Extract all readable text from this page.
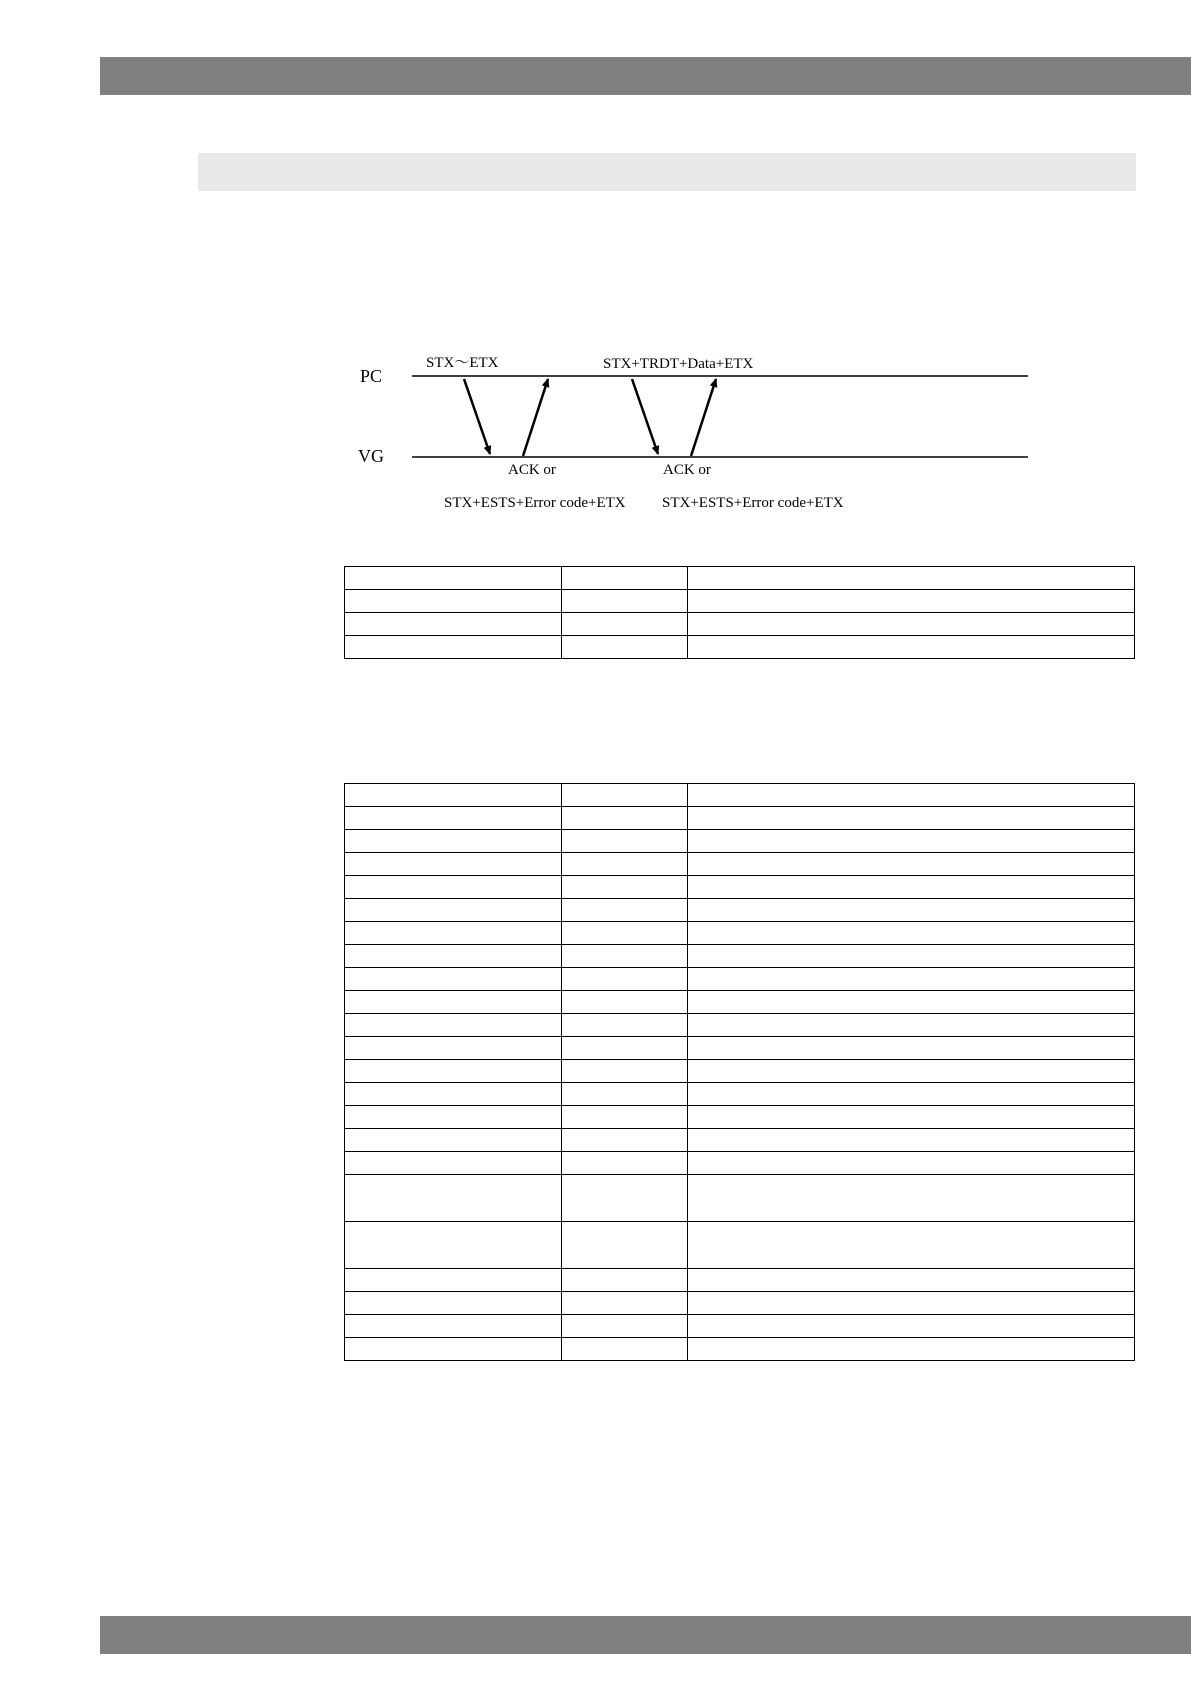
PC
VG
STX～ETX	STX+TRDT+Data+ETX
ACK or	ACK or
STX+ESTS+Error code+ETX STX+ESTS+Error code+ETX
